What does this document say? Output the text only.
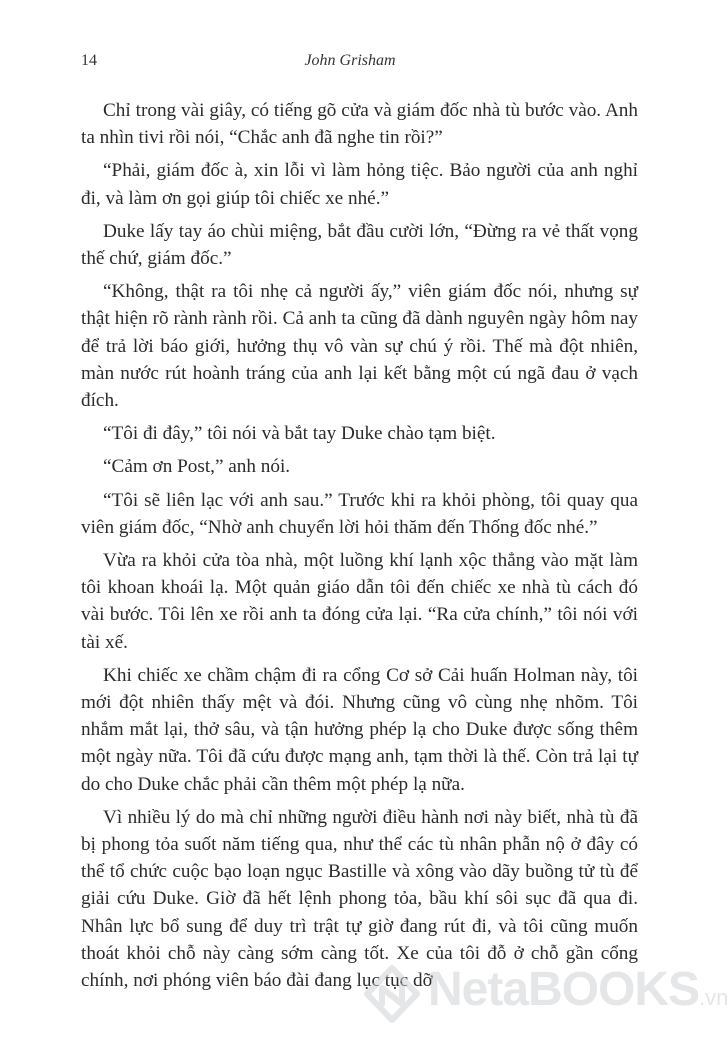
14	John Grisham

Chỉ trong vài giây, có tiếng gõ cửa và giám đốc nhà tù bước vào. Anh ta nhìn tivi rồi nói, “Chắc anh đã nghe tin rồi?”

“Phải, giám đốc à, xin lỗi vì làm hỏng tiệc. Bảo người của anh nghỉ đi, và làm ơn gọi giúp tôi chiếc xe nhé.”

Duke lấy tay áo chùi miệng, bắt đầu cười lớn, “Đừng ra vẻ thất vọng thế chứ, giám đốc.”

“Không, thật ra tôi nhẹ cả người ấy,” viên giám đốc nói, nhưng sự thật hiện rõ rành rành rồi. Cả anh ta cũng đã dành nguyên ngày hôm nay để trả lời báo giới, hưởng thụ vô vàn sự chú ý rồi. Thế mà đột nhiên, màn nước rút hoành tráng của anh lại kết bằng một cú ngã đau ở vạch đích.

“Tôi đi đây,” tôi nói và bắt tay Duke chào tạm biệt.

“Cảm ơn Post,” anh nói.

“Tôi sẽ liên lạc với anh sau.” Trước khi ra khỏi phòng, tôi quay qua viên giám đốc, “Nhờ anh chuyển lời hỏi thăm đến Thống đốc nhé.”

Vừa ra khỏi cửa tòa nhà, một luồng khí lạnh xộc thẳng vào mặt làm tôi khoan khoái lạ. Một quản giáo dẫn tôi đến chiếc xe nhà tù cách đó vài bước. Tôi lên xe rồi anh ta đóng cửa lại. “Ra cửa chính,” tôi nói với tài xế.

Khi chiếc xe chầm chậm đi ra cổng Cơ sở Cải huấn Holman này, tôi mới đột nhiên thấy mệt và đói. Nhưng cũng vô cùng nhẹ nhõm. Tôi nhắm mắt lại, thở sâu, và tận hưởng phép lạ cho Duke được sống thêm một ngày nữa. Tôi đã cứu được mạng anh, tạm thời là thế. Còn trả lại tự do cho Duke chắc phải cần thêm một phép lạ nữa.

Vì nhiều lý do mà chỉ những người điều hành nơi này biết, nhà tù đã bị phong tỏa suốt năm tiếng qua, như thể các tù nhân phẫn nộ ở đây có thể tổ chức cuộc bạo loạn ngục Bastille và xông vào dãy buồng tử tù để giải cứu Duke. Giờ đã hết lệnh phong tỏa, bầu khí sôi sục đã qua đi. Nhân lực bổ sung để duy trì trật tự giờ đang rút đi, và tôi cũng muốn thoát khỏi chỗ này càng sớm càng tốt. Xe của tôi đỗ ở chỗ gần cổng chính, nơi phóng viên báo đài đang lục tục dỡ

NetaBOOKS.vn
